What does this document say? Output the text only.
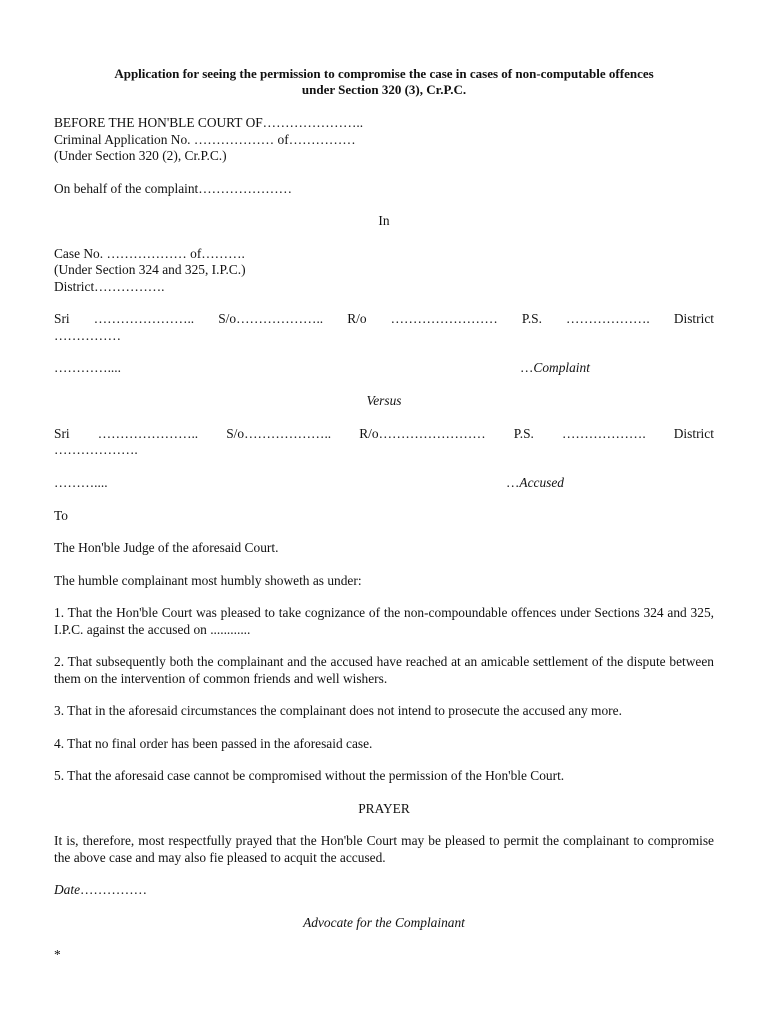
Application for seeing the permission to compromise the case in cases of non-computable offences

under Section 320 (3), Cr.P.C.

BEFORE THE HON'BLE COURT OF…………………..

Criminal Application No. ……………… of……………

(Under Section 320 (2), Cr.P.C.)

On behalf of the complaint…………………

In

Case No. ……………… of……….

(Under Section 324 and 325, I.P.C.)

District…………….

Sri ………………….. S/o……………….. R/o …………………… P.S. ………………. District

……………

…………....	…Complaint

Versus

Sri ………………….. S/o……………….. R/o…………………… P.S. ………………. District

……………….

………....	…Accused

To

The Hon'ble Judge of the aforesaid Court.

The humble complainant most humbly showeth as under:

1. That the Hon'ble Court was pleased to take cognizance of the non-compoundable offences under Sections 324 and 325, I.P.C. against the accused on ............

2. That subsequently both the complainant and the accused have reached at an amicable settlement of the dispute between them on the intervention of common friends and well wishers.

3. That in the aforesaid circumstances the complainant does not intend to prosecute the accused any more.

4. That no final order has been passed in the aforesaid case.

5. That the aforesaid case cannot be compromised without the permission of the Hon'ble Court.

PRAYER

It is, therefore, most respectfully prayed that the Hon'ble Court may be pleased to permit the complainant to compromise the above case and may also fie pleased to acquit the accused.

Date……………

Advocate for the Complainant

*
